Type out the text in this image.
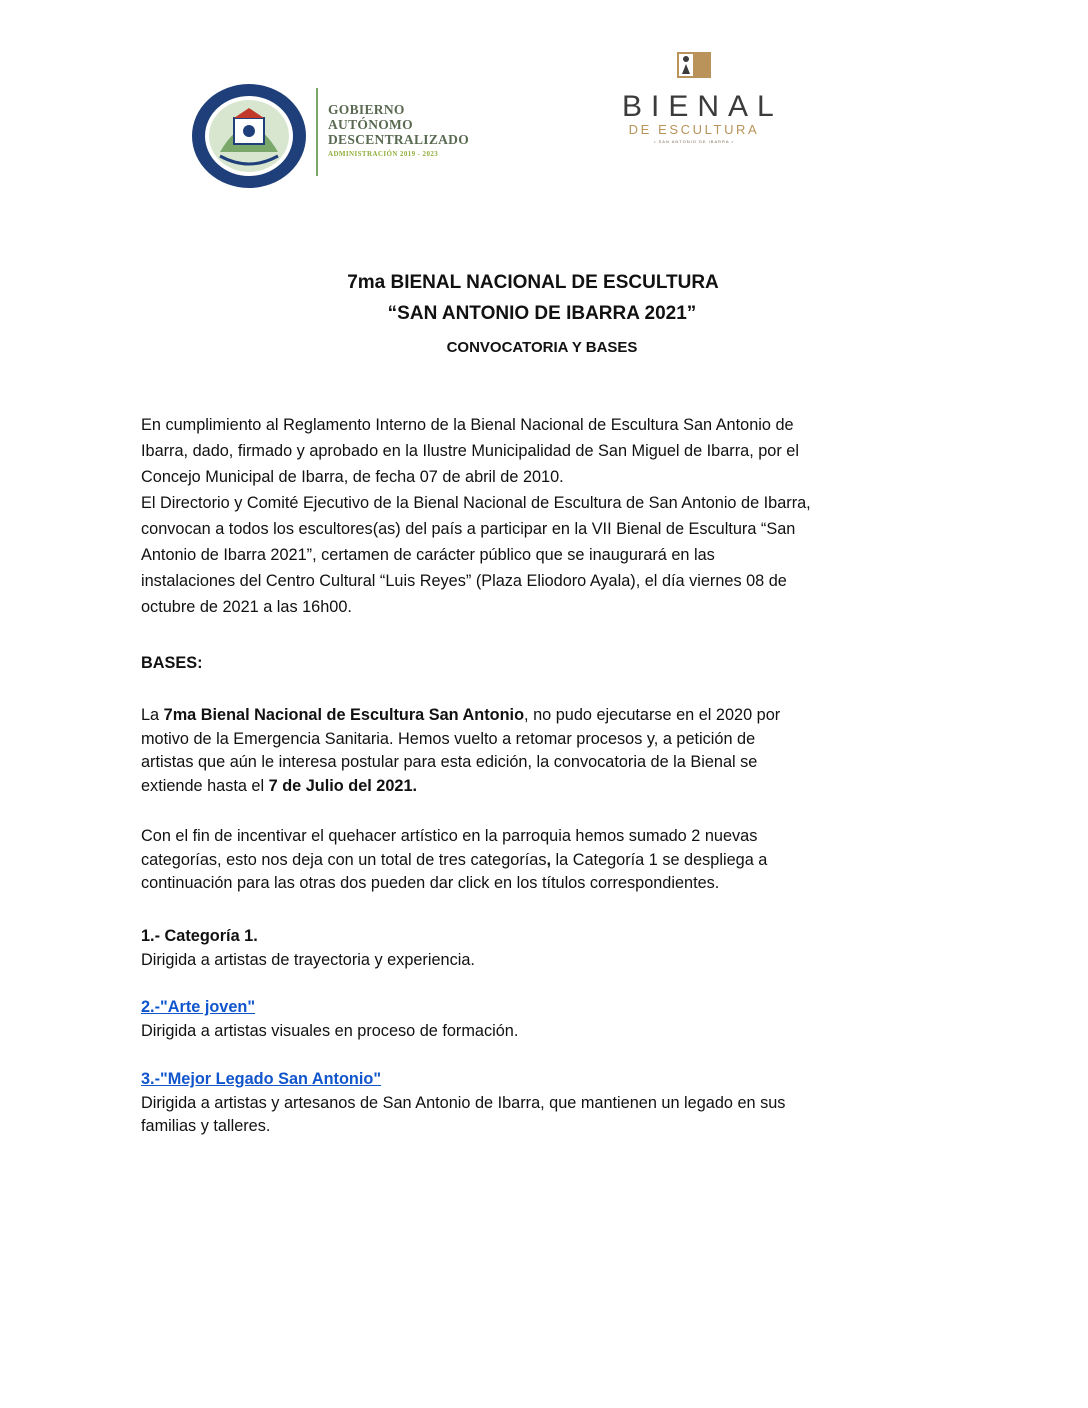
GOBIERNO
AUTÓNOMO
DESCENTRALIZADO
ADMINISTRACIÓN 2019 - 2023
BIENAL
DE ESCULTURA
• SAN ANTONIO DE IBARRA •
7ma BIENAL NACIONAL DE ESCULTURA
“SAN ANTONIO DE IBARRA 2021”
CONVOCATORIA Y BASES
En cumplimiento al Reglamento Interno de la Bienal Nacional de Escultura San Antonio de
Ibarra, dado, firmado y aprobado en la Ilustre Municipalidad de San Miguel de Ibarra, por el
Concejo Municipal de Ibarra, de fecha 07 de abril de 2010.
El Directorio y Comité Ejecutivo de la Bienal Nacional de Escultura de San Antonio de Ibarra,
convocan a todos los escultores(as) del país a participar en la VII Bienal de Escultura “San
Antonio de Ibarra 2021”, certamen de carácter público que se inaugurará en las
instalaciones del Centro Cultural “Luis Reyes” (Plaza Eliodoro Ayala), el día viernes 08 de
octubre de 2021 a las 16h00.
BASES:
La 7ma Bienal Nacional de Escultura San Antonio, no pudo ejecutarse en el 2020 por
motivo de la Emergencia Sanitaria. Hemos vuelto a retomar procesos y, a petición de
artistas que aún le interesa postular para esta edición, la convocatoria de la Bienal se
extiende hasta el 7 de Julio del 2021.
Con el fin de incentivar el quehacer artístico en la parroquia hemos sumado 2 nuevas
categorías, esto nos deja con un total de tres categorías, la Categoría 1 se despliega a
continuación para las otras dos pueden dar click en los títulos correspondientes.
1.- Categoría 1.
Dirigida a artistas de trayectoria y experiencia.
2.-"Arte joven"
Dirigida a artistas visuales en proceso de formación.
3.-"Mejor Legado San Antonio"
Dirigida a artistas y artesanos de San Antonio de Ibarra, que mantienen un legado en sus
familias y talleres.
